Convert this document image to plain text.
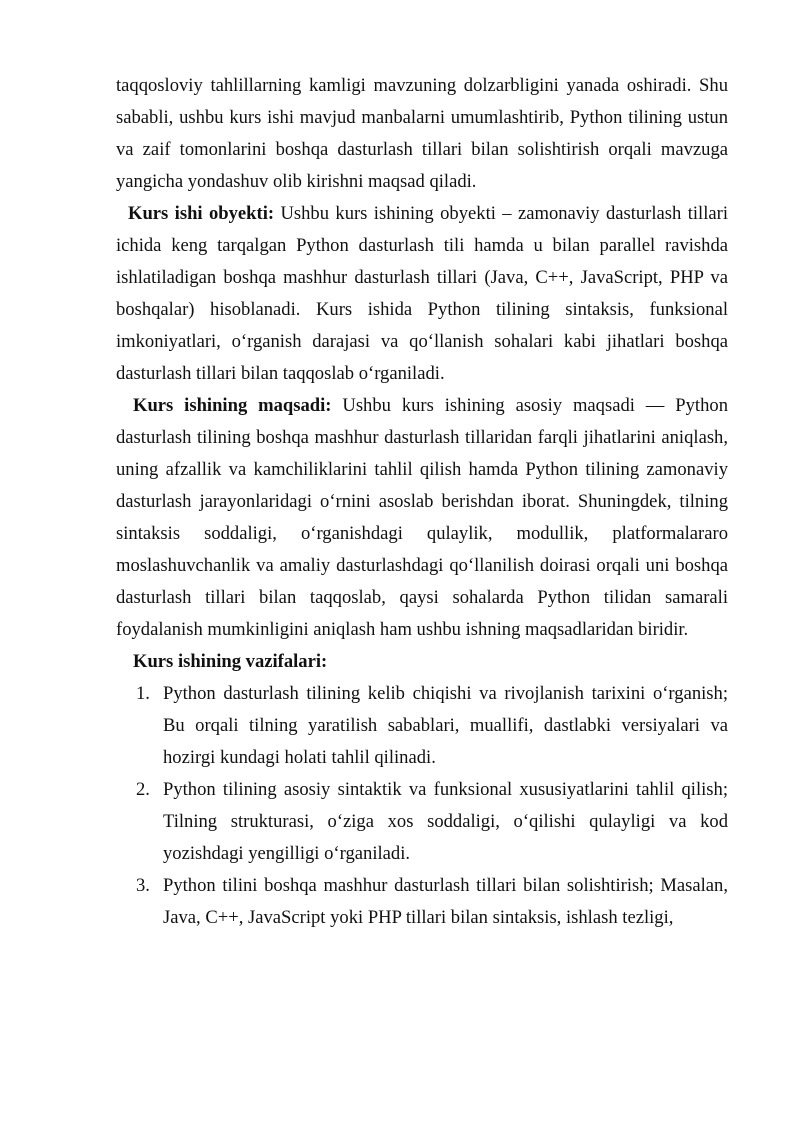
taqqosloviy tahlillarning kamligi mavzuning dolzarbligini yanada oshiradi. Shu sababli, ushbu kurs ishi mavjud manbalarni umumlashtirib, Python tilining ustun va zaif tomonlarini boshqa dasturlash tillari bilan solishtirish orqali mavzuga yangicha yondashuv olib kirishni maqsad qiladi.

Kurs ishi obyekti: Ushbu kurs ishining obyekti – zamonaviy dasturlash tillari ichida keng tarqalgan Python dasturlash tili hamda u bilan parallel ravishda ishlatiladigan boshqa mashhur dasturlash tillari (Java, C++, JavaScript, PHP va boshqalar) hisoblanadi. Kurs ishida Python tilining sintaksis, funksional imkoniyatlari, oʻrganish darajasi va qoʻllanish sohalari kabi jihatlari boshqa dasturlash tillari bilan taqqoslab oʻrganiladi.

Kurs ishining maqsadi: Ushbu kurs ishining asosiy maqsadi — Python dasturlash tilining boshqa mashhur dasturlash tillaridan farqli jihatlarini aniqlash, uning afzallik va kamchiliklarini tahlil qilish hamda Python tilining zamonaviy dasturlash jarayonlaridagi oʻrnini asoslab berishdan iborat. Shuningdek, tilning sintaksis soddaligi, oʻrganishdagi qulaylik, modullik, platformalararo moslashuvchanlik va amaliy dasturlashdagi qoʻllanilish doirasi orqali uni boshqa dasturlash tillari bilan taqqoslab, qaysi sohalarda Python tilidan samarali foydalanish mumkinligini aniqlash ham ushbu ishning maqsadlaridan biridir.

Kurs ishining vazifalari:

1. Python dasturlash tilining kelib chiqishi va rivojlanish tarixini oʻrganish; Bu orqali tilning yaratilish sabablari, muallifi, dastlabki versiyalari va hozirgi kundagi holati tahlil qilinadi.
2. Python tilining asosiy sintaktik va funksional xususiyatlarini tahlil qilish; Tilning strukturasi, oʻziga xos soddaligi, oʻqilishi qulayligi va kod yozishdagi yengilligi oʻrganiladi.
3. Python tilini boshqa mashhur dasturlash tillari bilan solishtirish; Masalan, Java, C++, JavaScript yoki PHP tillari bilan sintaksis, ishlash tezligi,
